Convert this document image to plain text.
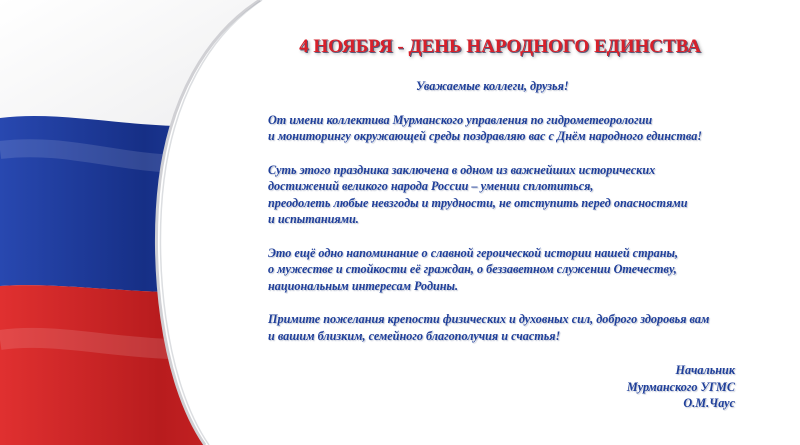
4 НОЯБРЯ - ДЕНЬ НАРОДНОГО ЕДИНСТВА
Уважаемые коллеги, друзья!
От имени коллектива Мурманского управления по гидрометеорологии
и мониторингу окружающей среды поздравляю вас с Днём народного единства!
Суть этого праздника заключена в одном из важнейших исторических
достижений великого народа России – умении сплотиться,
преодолеть любые невзгоды и трудности, не отступить перед опасностями
и испытаниями.
Это ещё одно напоминание о славной героической истории нашей страны,
о мужестве и стойкости её граждан, о беззаветном служении Отечеству,
национальным интересам Родины.
Примите пожелания крепости физических и духовных сил, доброго здоровья вам
и вашим близким, семейного благополучия и счастья!
Начальник
Мурманского УГМС
О.М.Чаус
